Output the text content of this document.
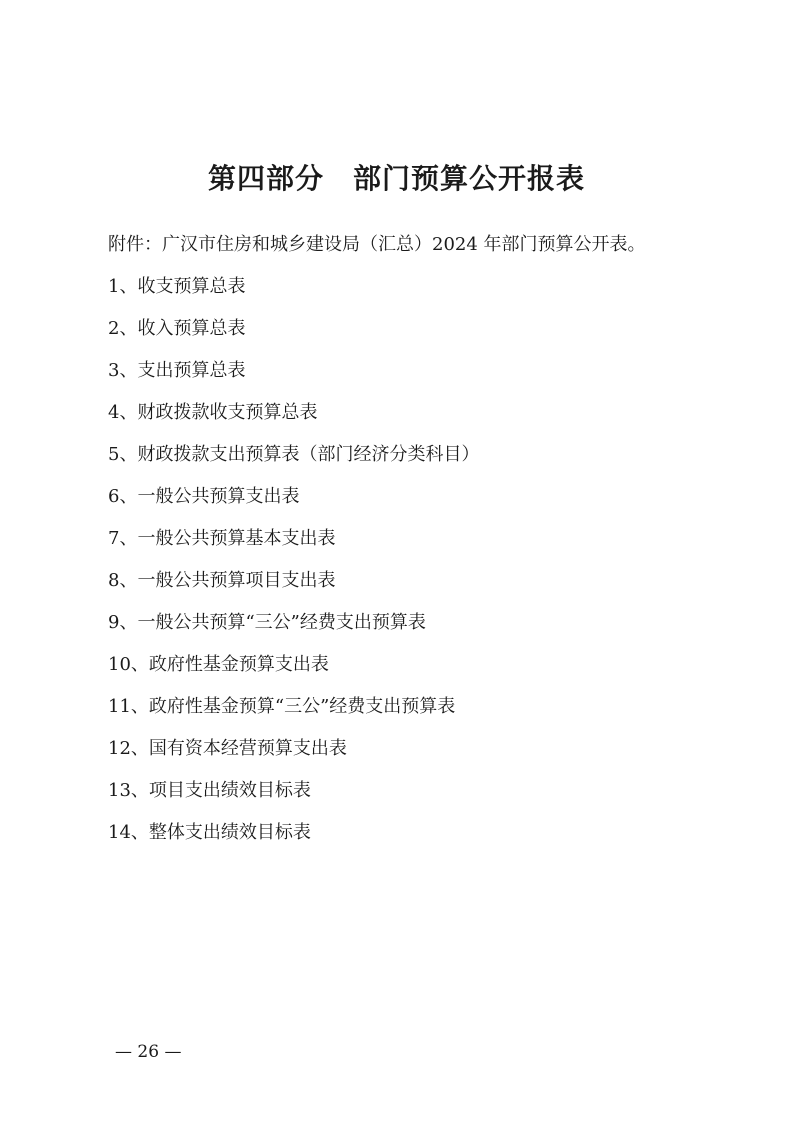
第四部分　部门预算公开报表

附件：广汉市住房和城乡建设局（汇总）2024 年部门预算公开表。

1、收支预算总表
2、收入预算总表
3、支出预算总表
4、财政拨款收支预算总表
5、财政拨款支出预算表（部门经济分类科目）
6、一般公共预算支出表
7、一般公共预算基本支出表
8、一般公共预算项目支出表
9、一般公共预算“三公”经费支出预算表
10、政府性基金预算支出表
11、政府性基金预算“三公”经费支出预算表
12、国有资本经营预算支出表
13、项目支出绩效目标表
14、整体支出绩效目标表
— 26 —
